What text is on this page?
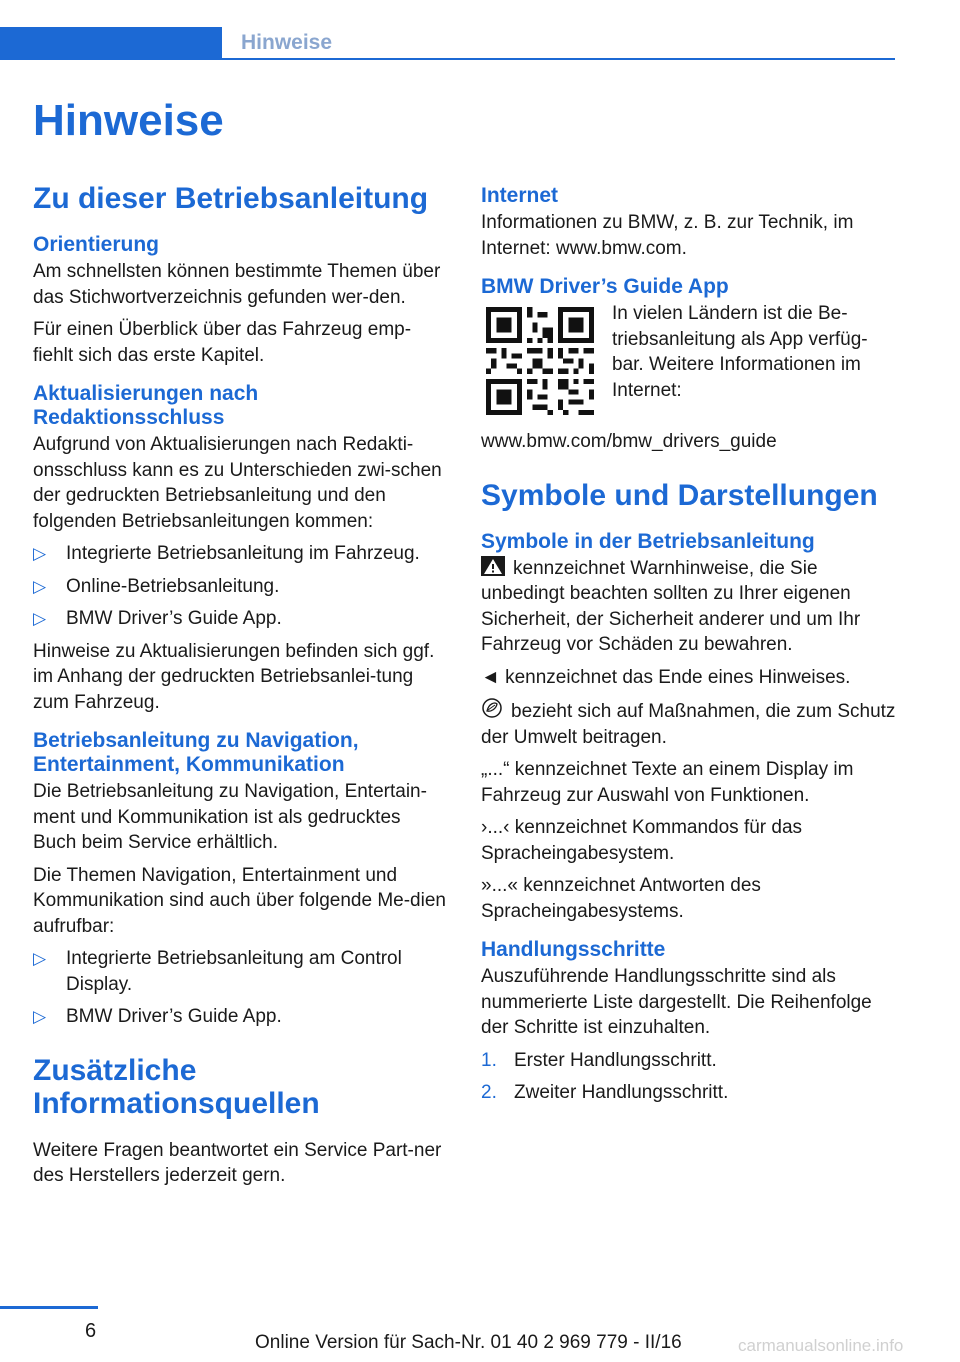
Hinweise
Hinweise
Zu dieser Betriebsanleitung
Orientierung

Am schnellsten können bestimmte Themen über das Stichwortverzeichnis gefunden wer-den.

Für einen Überblick über das Fahrzeug emp-fiehlt sich das erste Kapitel.

Aktualisierungen nach Redaktionsschluss

Aufgrund von Aktualisierungen nach Redakti-onsschluss kann es zu Unterschieden zwi-schen der gedruckten Betriebsanleitung und den folgenden Betriebsanleitungen kommen:

▷ Integrierte Betriebsanleitung im Fahrzeug.
▷ Online-Betriebsanleitung.
▷ BMW Driver’s Guide App.

Hinweise zu Aktualisierungen befinden sich ggf. im Anhang der gedruckten Betriebsanlei-tung zum Fahrzeug.

Betriebsanleitung zu Navigation, Entertainment, Kommunikation

Die Betriebsanleitung zu Navigation, Entertain-ment und Kommunikation ist als gedrucktes Buch beim Service erhältlich.

Die Themen Navigation, Entertainment und Kommunikation sind auch über folgende Me-dien aufrufbar:

▷ Integrierte Betriebsanleitung am Control Display.
▷ BMW Driver’s Guide App.
Zusätzliche Informationsquellen

Weitere Fragen beantwortet ein Service Part-ner des Herstellers jederzeit gern.

Internet

Informationen zu BMW, z. B. zur Technik, im Internet: www.bmw.com.

BMW Driver’s Guide App
In vielen Ländern ist die Be-triebsanleitung als App verfüg-bar. Weitere Informationen im Internet:

www.bmw.com/bmw_drivers_guide

Symbole und Darstellungen
Symbole in der Betriebsanleitung

kennzeichnet Warnhinweise, die Sie unbedingt beachten sollten zu Ihrer eigenen Sicherheit, der Sicherheit anderer und um Ihr Fahrzeug vor Schäden zu bewahren.

◄ kennzeichnet das Ende eines Hinweises.

bezieht sich auf Maßnahmen, die zum Schutz der Umwelt beitragen.

„...“ kennzeichnet Texte an einem Display im Fahrzeug zur Auswahl von Funktionen.

›...‹ kennzeichnet Kommandos für das Spracheingabesystem.

»...« kennzeichnet Antworten des Spracheingabesystems.

Handlungsschritte

Auszuführende Handlungsschritte sind als nummerierte Liste dargestellt. Die Reihenfolge der Schritte ist einzuhalten.

1. Erster Handlungsschritt.
2. Zweiter Handlungsschritt.
6
Online Version für Sach-Nr. 01 40 2 969 779 - II/16	carmanualsonline.info
